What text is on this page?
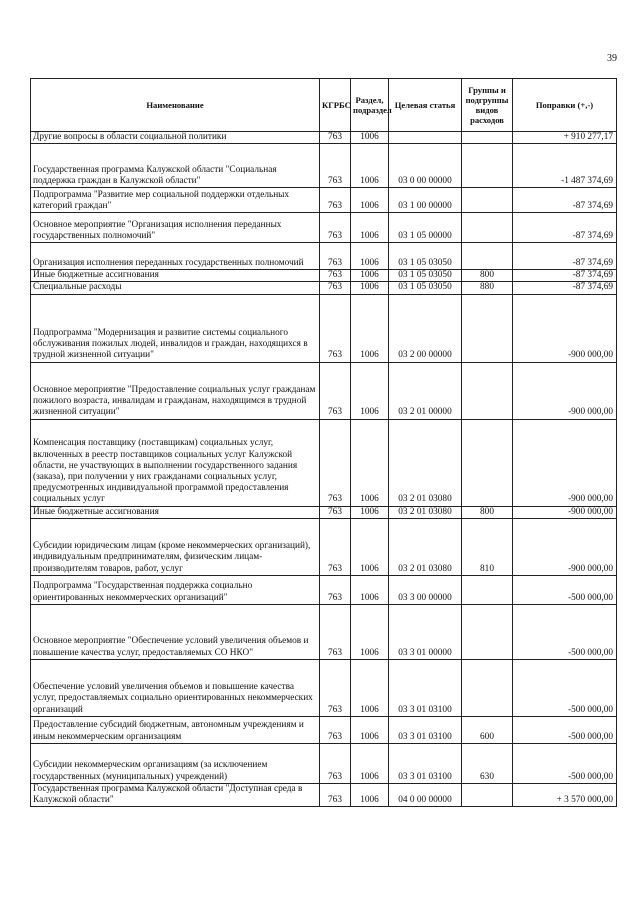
39
Наименование	КГРБС	Раздел, подраздел	Целевая статья	Группы и подгруппы видов расходов	Поправки (+,-)
Другие вопросы в области социальной политики	763	1006			+ 910 277,17
Государственная программа Калужской области "Социальная поддержка граждан в Калужской области"	763	1006	03 0 00 00000		-1 487 374,69
Подпрограмма "Развитие мер социальной поддержки отдельных категорий граждан"	763	1006	03 1 00 00000		-87 374,69
Основное мероприятие "Организация исполнения переданных государственных полномочий"	763	1006	03 1 05 00000		-87 374,69
Организация исполнения переданных государственных полномочий	763	1006	03 1 05 03050		-87 374,69
Иные бюджетные ассигнования	763	1006	03 1 05 03050	800	-87 374,69
Специальные расходы	763	1006	03 1 05 03050	880	-87 374,69
Подпрограмма "Модернизация и развитие системы социального обслуживания пожилых людей, инвалидов и граждан, находящихся в трудной жизненной ситуации"	763	1006	03 2 00 00000		-900 000,00
Основное мероприятие "Предоставление социальных услуг гражданам пожилого возраста, инвалидам и гражданам, находящимся в трудной жизненной ситуации"	763	1006	03 2 01 00000		-900 000,00
Компенсация поставщику (поставщикам) социальных услуг, включенных в реестр поставщиков социальных услуг Калужской области, не участвующих в выполнении государственного задания (заказа), при получении у них гражданами социальных услуг, предусмотренных индивидуальной программой предоставления социальных услуг	763	1006	03 2 01 03080		-900 000,00
Иные бюджетные ассигнования	763	1006	03 2 01 03080	800	-900 000,00
Субсидии юридическим лицам (кроме некоммерческих организаций), индивидуальным предпринимателям, физическим лицам-производителям товаров, работ, услуг	763	1006	03 2 01 03080	810	-900 000,00
Подпрограмма "Государственная поддержка социально ориентированных некоммерческих организаций"	763	1006	03 3 00 00000		-500 000,00
Основное мероприятие "Обеспечение условий увеличения объемов и повышение качества услуг, предоставляемых СО НКО"	763	1006	03 3 01 00000		-500 000,00
Обеспечение условий увеличения объемов и повышение качества услуг, предоставляемых социально ориентированных некоммерческих организаций	763	1006	03 3 01 03100		-500 000,00
Предоставление субсидий бюджетным, автономным учреждениям и иным некоммерческим организациям	763	1006	03 3 01 03100	600	-500 000,00
Субсидии некоммерческим организациям (за исключением государственных (муниципальных) учреждений)	763	1006	03 3 01 03100	630	-500 000,00
Государственная программа Калужской области "Доступная среда в Калужской области"	763	1006	04 0 00 00000		+ 3 570 000,00
